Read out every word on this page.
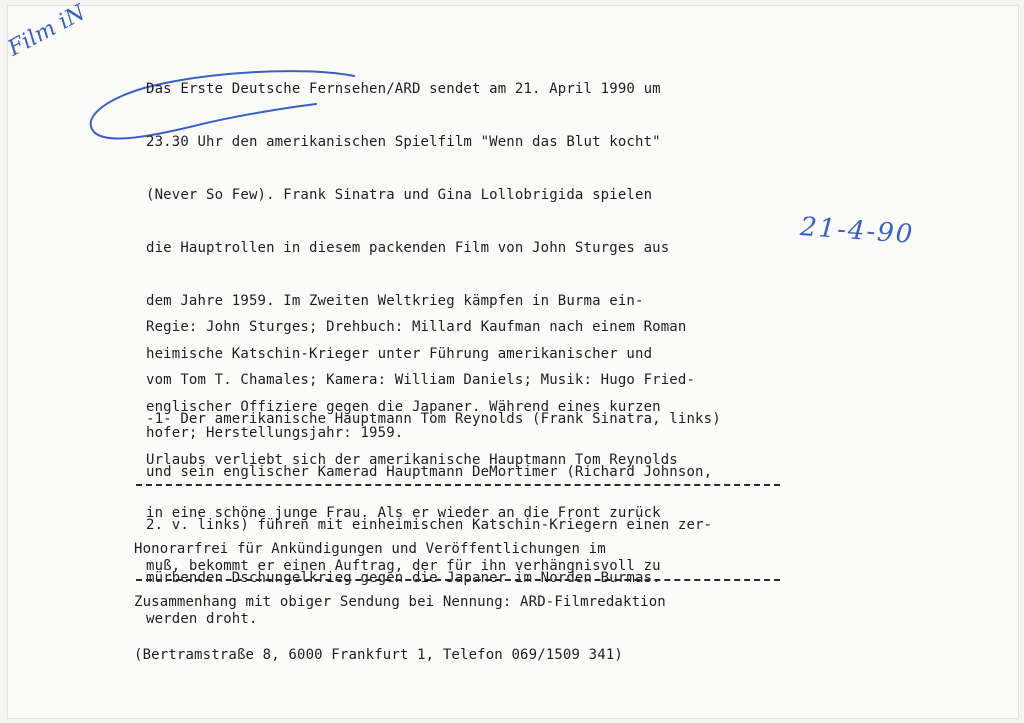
Film iN

Das Erste Deutsche Fernsehen/ARD sendet am 21. April 1990 um

23.30 Uhr den amerikanischen Spielfilm "Wenn das Blut kocht"

(Never So Few). Frank Sinatra und Gina Lollobrigida spielen

die Hauptrollen in diesem packenden Film von John Sturges aus

dem Jahre 1959. Im Zweiten Weltkrieg kämpfen in Burma ein-

heimische Katschin-Krieger unter Führung amerikanischer und

englischer Offiziere gegen die Japaner. Während eines kurzen

Urlaubs verliebt sich der amerikanische Hauptmann Tom Reynolds

in eine schöne junge Frau. Als er wieder an die Front zurück

muß, bekommt er einen Auftrag, der für ihn verhängnisvoll zu

werden droht.

21-4-90

Regie: John Sturges; Drehbuch: Millard Kaufman nach einem Roman

vom Tom T. Chamales; Kamera: William Daniels; Musik: Hugo Fried-

hofer; Herstellungsjahr: 1959.

-1- Der amerikanische Hauptmann Tom Reynolds (Frank Sinatra, links)

und sein englischer Kamerad Hauptmann DeMortimer (Richard Johnson,

2. v. links) führen mit einheimischen Katschin-Kriegern einen zer-

mürbenden Dschungelkrieg gegen die Japaner im Norden Burmas.

Honorarfrei für Ankündigungen und Veröffentlichungen im

Zusammenhang mit obiger Sendung bei Nennung: ARD-Filmredaktion

(Bertramstraße 8, 6000 Frankfurt 1, Telefon 069/1509 341)
